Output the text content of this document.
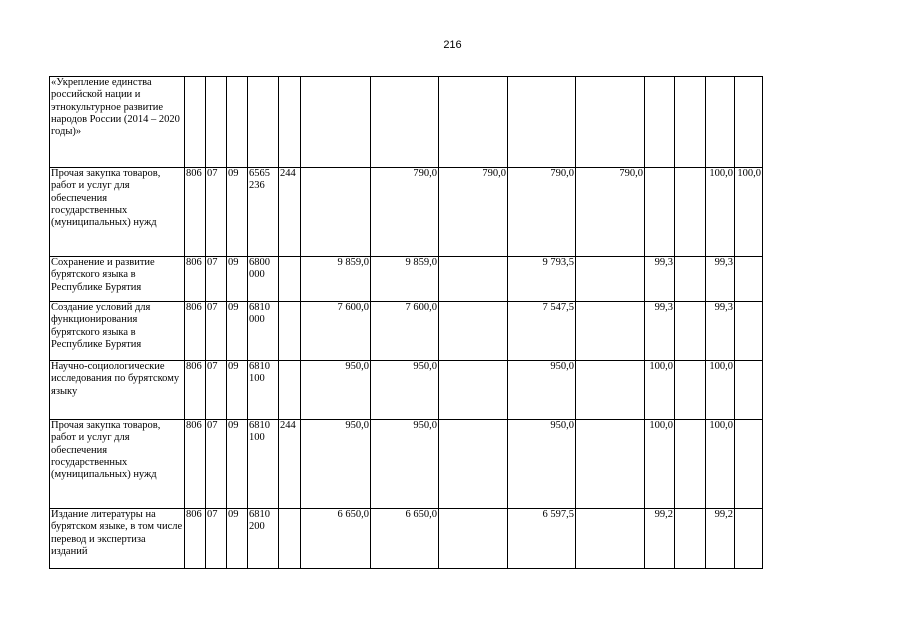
216
«Укрепление единства российской нации и этнокультурное развитие народов России (2014 – 2020 годы)»														
Прочая закупка товаров, работ и услуг для обеспечения государственных (муниципальных) нужд	806	07	09	6565 236	244		790,0	790,0	790,0	790,0			100,0	100,0
Сохранение и развитие бурятского языка в Республике Бурятия	806	07	09	6800 000		9 859,0	9 859,0		9 793,5		99,3		99,3	
Создание условий для функционирования бурятского языка в Республике Бурятия	806	07	09	6810 000		7 600,0	7 600,0		7 547,5		99,3		99,3	
Научно-социологические исследования по бурятскому языку	806	07	09	6810 100		950,0	950,0		950,0		100,0		100,0	
Прочая закупка товаров, работ и услуг для обеспечения государственных (муниципальных) нужд	806	07	09	6810 100	244	950,0	950,0		950,0		100,0		100,0	
Издание литературы на бурятском языке, в том числе перевод и экспертиза изданий	806	07	09	6810 200		6 650,0	6 650,0		6 597,5		99,2		99,2	
